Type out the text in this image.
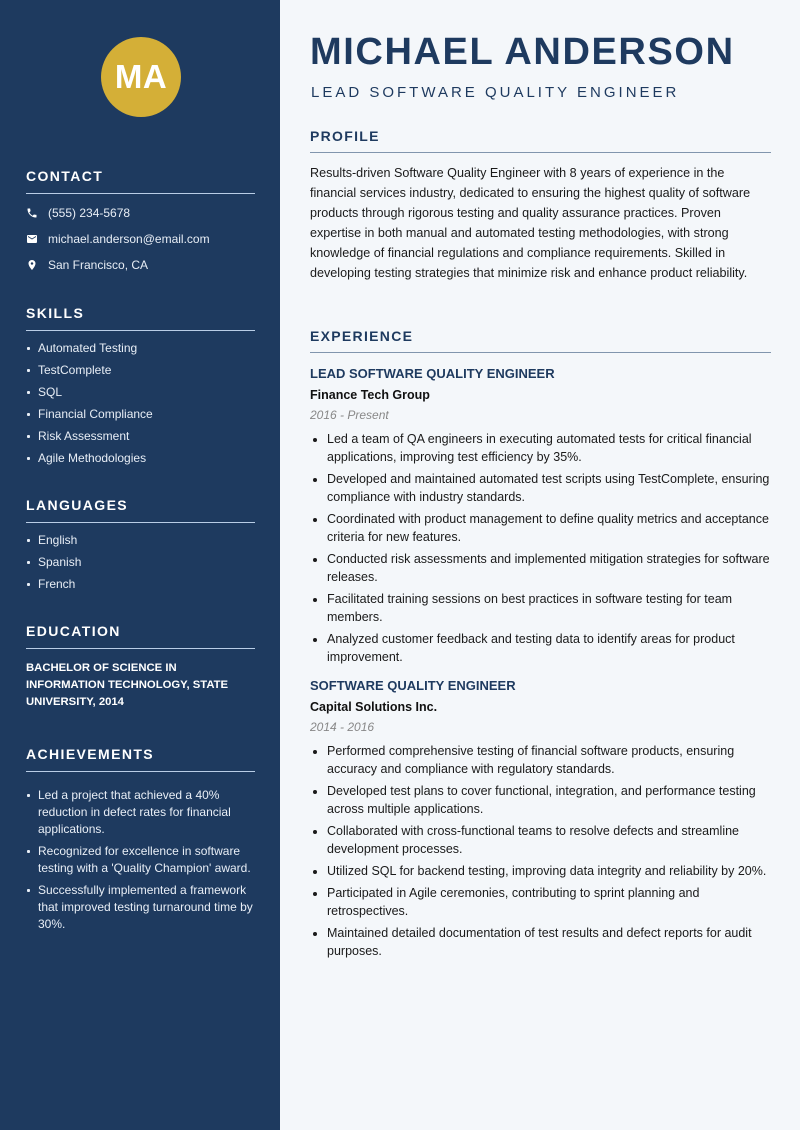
MA
CONTACT
(555) 234-5678
michael.anderson@email.com
San Francisco, CA
SKILLS
Automated Testing
TestComplete
SQL
Financial Compliance
Risk Assessment
Agile Methodologies
LANGUAGES
English
Spanish
French
EDUCATION

BACHELOR OF SCIENCE IN INFORMATION TECHNOLOGY, STATE UNIVERSITY, 2014

ACHIEVEMENTS
Led a project that achieved a 40% reduction in defect rates for financial applications.
Recognized for excellence in software testing with a 'Quality Champion' award.
Successfully implemented a framework that improved testing turnaround time by 30%.
MICHAEL ANDERSON
LEAD SOFTWARE QUALITY ENGINEER
PROFILE

Results-driven Software Quality Engineer with 8 years of experience in the financial services industry, dedicated to ensuring the highest quality of software products through rigorous testing and quality assurance practices. Proven expertise in both manual and automated testing methodologies, with strong knowledge of financial regulations and compliance requirements. Skilled in developing testing strategies that minimize risk and enhance product reliability.

EXPERIENCE
LEAD SOFTWARE QUALITY ENGINEER
Finance Tech Group
2016 - Present
Led a team of QA engineers in executing automated tests for critical financial applications, improving test efficiency by 35%.
Developed and maintained automated test scripts using TestComplete, ensuring compliance with industry standards.
Coordinated with product management to define quality metrics and acceptance criteria for new features.
Conducted risk assessments and implemented mitigation strategies for software releases.
Facilitated training sessions on best practices in software testing for team members.
Analyzed customer feedback and testing data to identify areas for product improvement.
SOFTWARE QUALITY ENGINEER
Capital Solutions Inc.
2014 - 2016
Performed comprehensive testing of financial software products, ensuring accuracy and compliance with regulatory standards.
Developed test plans to cover functional, integration, and performance testing across multiple applications.
Collaborated with cross-functional teams to resolve defects and streamline development processes.
Utilized SQL for backend testing, improving data integrity and reliability by 20%.
Participated in Agile ceremonies, contributing to sprint planning and retrospectives.
Maintained detailed documentation of test results and defect reports for audit purposes.
